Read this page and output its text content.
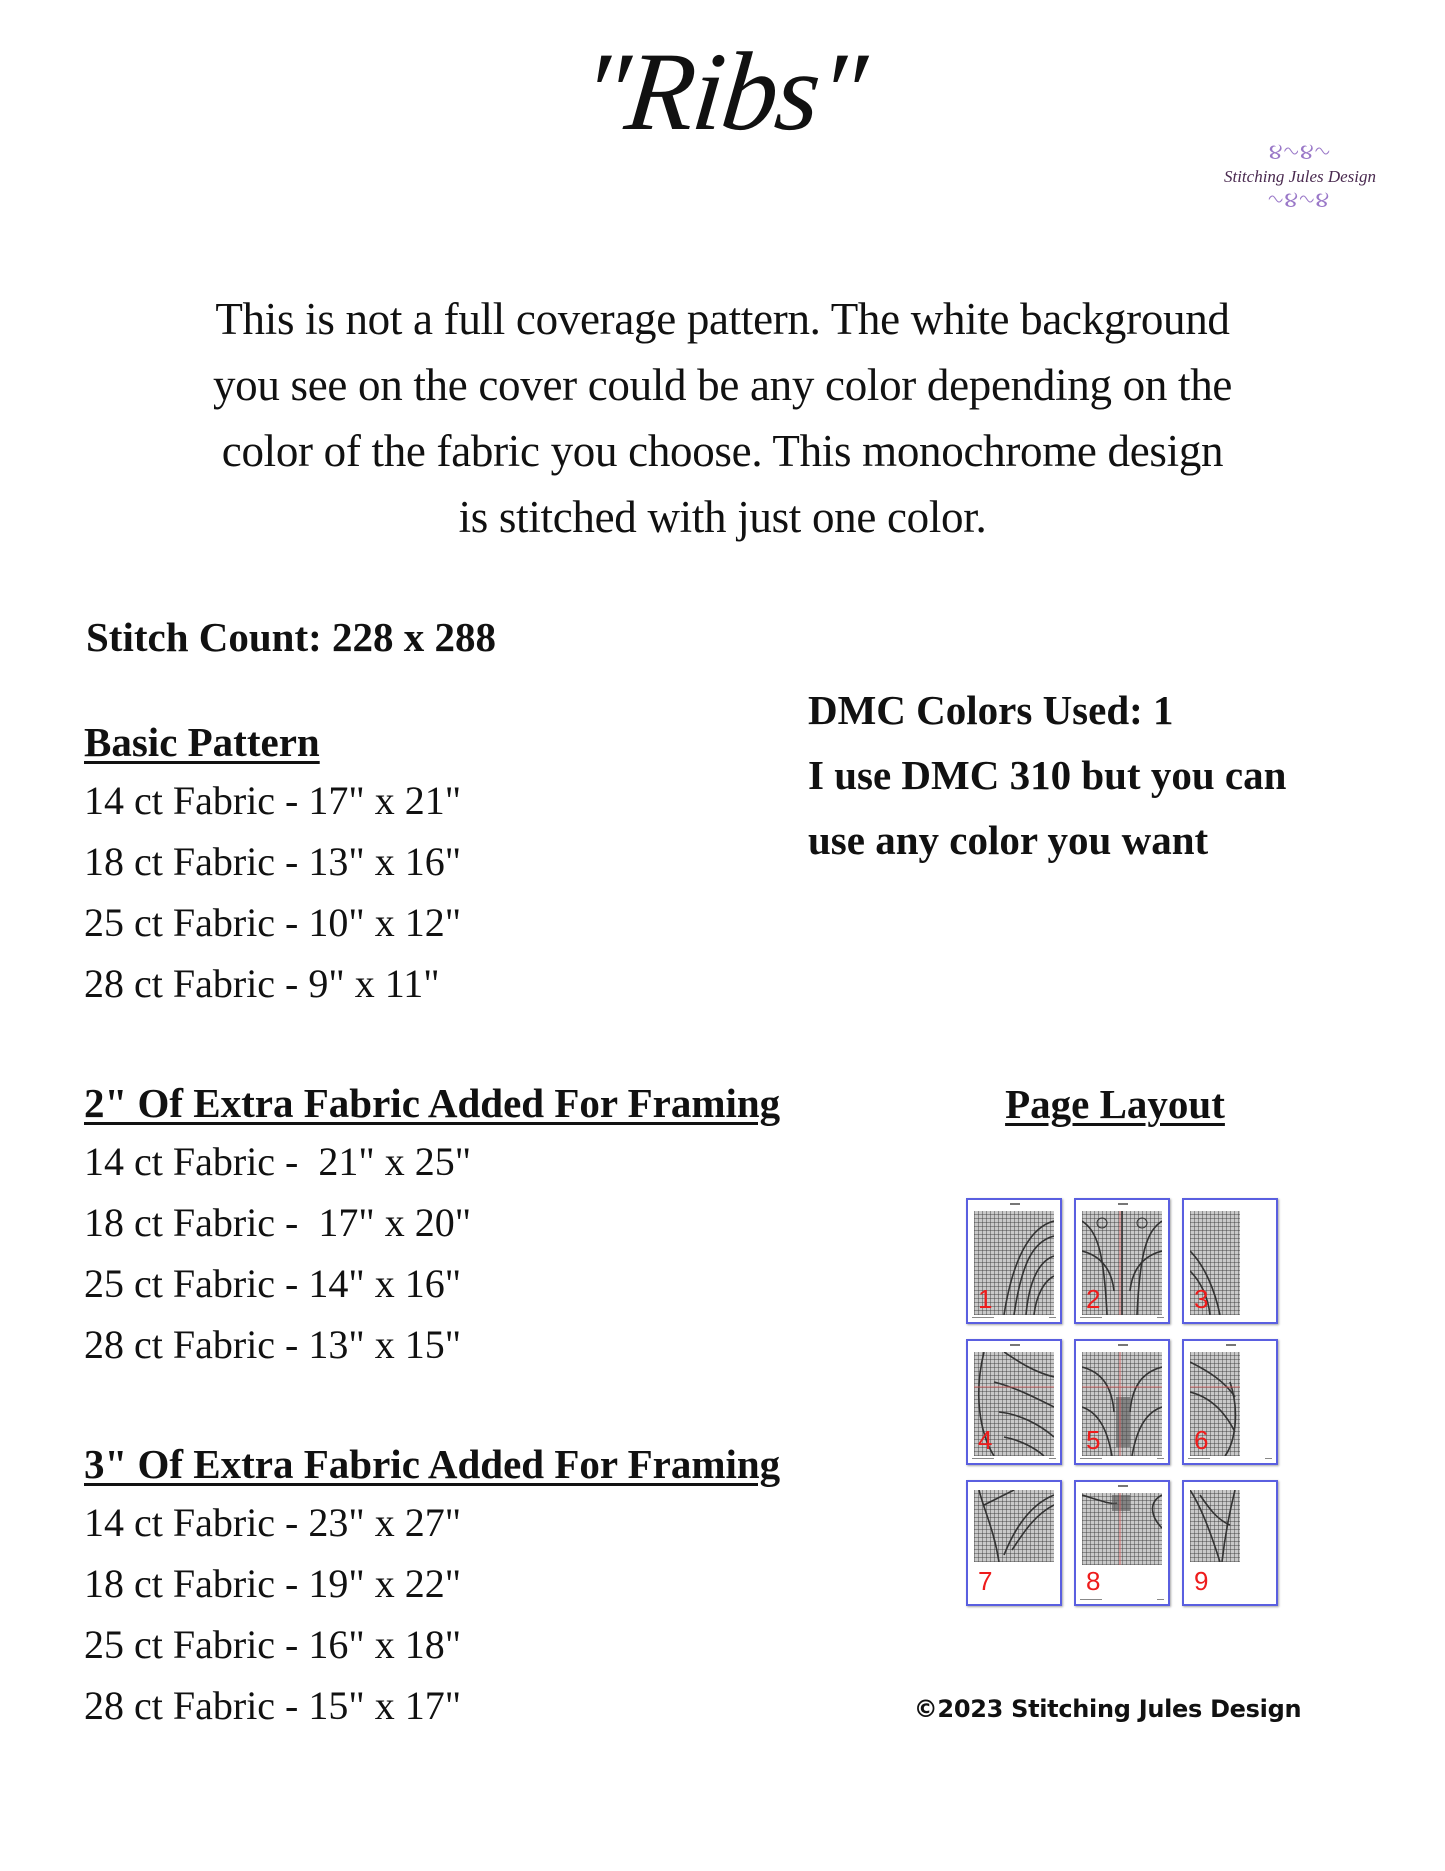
"Ribs"	૪∿૪∿
Stitching Jules Design
∿૪∿૪
This is not a full coverage pattern. The white background
you see on the cover could be any color depending on the
color of the fabric you choose. This monochrome design
is stitched with just one color.
Stitch Count: 228 x 288
DMC Colors Used: 1
I use DMC 310 but you can
use any color you want
Basic Pattern
14 ct Fabric - 17" x 21"
18 ct Fabric - 13" x 16"
25 ct Fabric - 10" x 12"
28 ct Fabric - 9" x 11"
2" Of Extra Fabric Added For Framing
14 ct Fabric -  21" x 25"
18 ct Fabric -  17" x 20"
25 ct Fabric - 14" x 16"
28 ct Fabric - 13" x 15"
3" Of Extra Fabric Added For Framing
14 ct Fabric - 23" x 27"
18 ct Fabric - 19" x 22"
25 ct Fabric - 16" x 18"
28 ct Fabric - 15" x 17"
Page Layout
1	2	3
4	5	6
7	8	9
©2023 Stitching Jules Design
